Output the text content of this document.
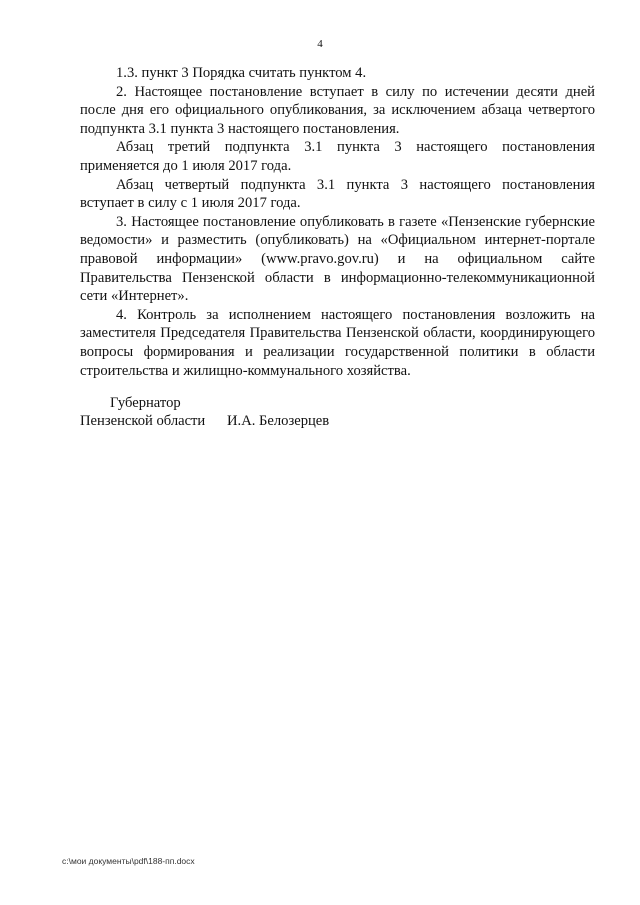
4

1.3. пункт 3 Порядка считать пунктом 4.

2. Настоящее постановление вступает в силу по истечении десяти дней после дня его официального опубликования, за исключением абзаца четвертого подпункта 3.1 пункта 3 настоящего постановления.

Абзац третий подпункта 3.1 пункта 3 настоящего постановления применяется до 1 июля 2017 года.

Абзац четвертый подпункта 3.1 пункта 3 настоящего постановления вступает в силу с 1 июля 2017 года.

3. Настоящее постановление опубликовать в газете «Пензенские губернские ведомости» и разместить (опубликовать) на «Официальном интернет-портале правовой информации» (www.pravo.gov.ru) и на официальном сайте Правительства Пензенской области в информационно-телекоммуникационной сети «Интернет».

4. Контроль за исполнением настоящего постановления возложить на заместителя Председателя Правительства Пензенской области, координирующего вопросы формирования и реализации государственной политики в области строительства и жилищно-коммунального хозяйства.

Губернатор
Пензенской области И.А. Белозерцев
c:\мои документы\pdf\188-пп.docx
